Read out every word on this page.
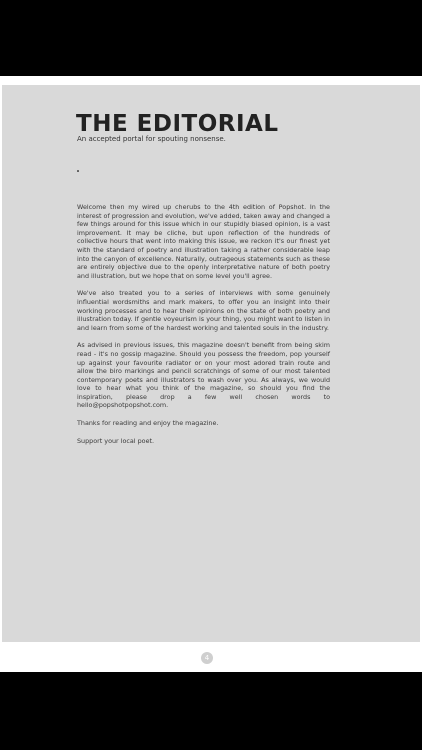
THE EDITORIAL
An accepted portal for spouting nonsense.

Welcome then my wired up cherubs to the 4th edition of Popshot. In the interest of progression and evolution, we've added, taken away and changed a few things around for this issue which in our stupidly biased opinion, is a vast improvement. It may be cliche, but upon reflection of the hundreds of collective hours that went into making this issue, we reckon it's our finest yet with the standard of poetry and illustration taking a rather considerable leap into the canyon of excellence. Naturally, outrageous statements such as these are entirely objective due to the openly interpretative nature of both poetry and illustration, but we hope that on some level you'll agree.

We've also treated you to a series of interviews with some genuinely influential wordsmiths and mark makers, to offer you an insight into their working processes and to hear their opinions on the state of both poetry and illustration today. If gentle voyeurism is your thing, you might want to listen in and learn from some of the hardest working and talented souls in the industry.

As advised in previous issues, this magazine doesn't benefit from being skim read - it's no gossip magazine. Should you possess the freedom, pop yourself up against your favourite radiator or on your most adored train route and allow the biro markings and pencil scratchings of some of our most talented contemporary poets and illustrators to wash over you. As always, we would love to hear what you think of the magazine, so should you find the inspiration, please drop a few well chosen words to hello@popshotpopshot.com.

Thanks for reading and enjoy the magazine.

Support your local poet.

4
